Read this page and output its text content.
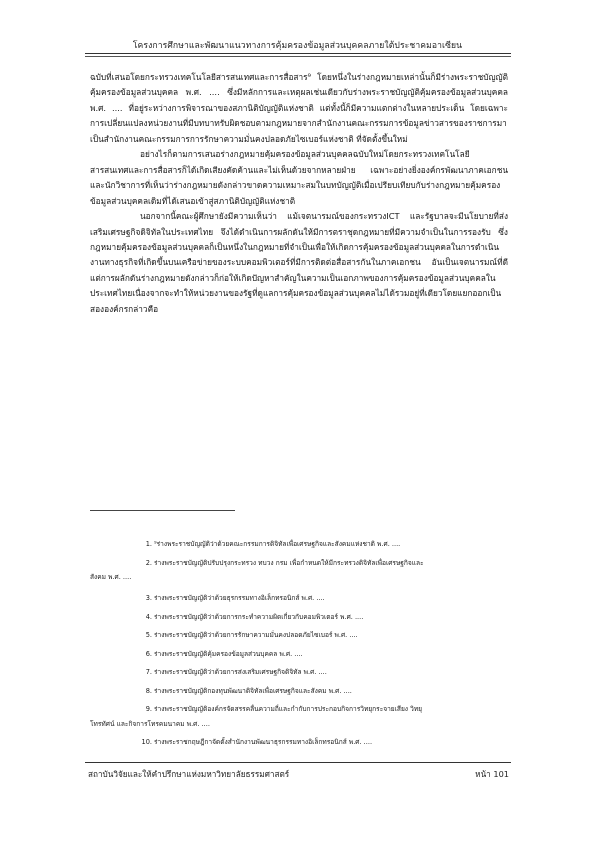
โครงการศึกษาและพัฒนาแนวทางการคุ้มครองข้อมูลส่วนบุคคลภายใต้ประชาคมอาเซียน

ฉบับที่เสนอโดยกระทรวงเทคโนโลยีสารสนเทศและการสื่อสาร⁹ โดยหนึ่งในร่างกฎหมายเหล่านั้นก็มีร่างพระราชบัญญัติคุ้มครองข้อมูลส่วนบุคคล พ.ศ. .... ซึ่งมีหลักการและเหตุผลเช่นเดียวกับร่างพระราชบัญญัติคุ้มครองข้อมูลส่วนบุคคล พ.ศ. .... ที่อยู่ระหว่างการพิจารณาของสภานิติบัญญัติแห่งชาติ แต่ทั้งนี้ก็มีความแตกต่างในหลายประเด็น โดยเฉพาะการเปลี่ยนแปลงหน่วยงานที่มีบทบาทรับผิดชอบตามกฎหมายจากสำนักงานคณะกรรมการข้อมูลข่าวสารของราชการมาเป็นสำนักงานคณะกรรมการการรักษาความมั่นคงปลอดภัยไซเบอร์แห่งชาติ ที่จัดตั้งขึ้นใหม่

อย่างไรก็ตามการเสนอร่างกฎหมายคุ้มครองข้อมูลส่วนบุคคลฉบับใหม่โดยกระทรวงเทคโนโลยีสารสนเทศและการสื่อสารก็ได้เกิดเสียงคัดค้านและไม่เห็นด้วยจากหลายฝ่าย เฉพาะอย่างยิ่งองค์กรพัฒนาภาคเอกชนและนักวิชาการที่เห็นว่าร่างกฎหมายดังกล่าวขาดความเหมาะสมในบทบัญญัติเมื่อเปรียบเทียบกับร่างกฎหมายคุ้มครองข้อมูลส่วนบุคคลเดิมที่ได้เสนอเข้าสู่สภานิติบัญญัติแห่งชาติ

นอกจากนี้คณะผู้ศึกษายังมีความเห็นว่า แม้เจตนารมณ์ของกระทรวงICT และรัฐบาลจะมีนโยบายที่ส่งเสริมเศรษฐกิจดิจิทัลในประเทศไทย จึงได้ดำเนินการผลักดันให้มีการตราชุดกฎหมายที่มีความจำเป็นในการรองรับ ซึ่งกฎหมายคุ้มครองข้อมูลส่วนบุคคลก็เป็นหนึ่งในกฎหมายที่จำเป็นเพื่อให้เกิดการคุ้มครองข้อมูลส่วนบุคคลในการดำเนินงานทางธุรกิจที่เกิดขึ้นบนเครือข่ายของระบบคอมพิวเตอร์ที่มีการติดต่อสื่อสารกันในภาคเอกชน อันเป็นเจตนารมณ์ที่ดี แต่การผลักดันร่างกฎหมายดังกล่าวก็ก่อให้เกิดปัญหาสำคัญในความเป็นเอกภาพของการคุ้มครองข้อมูลส่วนบุคคลในประเทศไทยเนื่องจากจะทำให้หน่วยงานของรัฐที่ดูแลการคุ้มครองข้อมูลส่วนบุคคลไม่ได้รวมอยู่ที่เดียวโดยแยกออกเป็นสององค์กรกล่าวคือ

1. ⁹ร่างพระราชบัญญัติว่าด้วยคณะกรรมการดิจิทัลเพื่อเศรษฐกิจและสังคมแห่งชาติ พ.ศ. ....
2. ร่างพระราชบัญญัติปรับปรุงกระทรวง ทบวง กรม เพื่อกำหนดให้มีกระทรวงดิจิทัลเพื่อเศรษฐกิจและ
สังคม พ.ศ. ....
3. ร่างพระราชบัญญัติว่าด้วยธุรกรรมทางอิเล็กทรอนิกส์ พ.ศ. ....
4. ร่างพระราชบัญญัติว่าด้วยการกระทำความผิดเกี่ยวกับคอมพิวเตอร์ พ.ศ. ....
5. ร่างพระราชบัญญัติว่าด้วยการรักษาความมั่นคงปลอดภัยไซเบอร์ พ.ศ. ....
6. ร่างพระราชบัญญัติคุ้มครองข้อมูลส่วนบุคคล พ.ศ. ....
7. ร่างพระราชบัญญัติว่าด้วยการส่งเสริมเศรษฐกิจดิจิทัล พ.ศ. ....
8. ร่างพระราชบัญญัติกองทุนพัฒนาดิจิทัลเพื่อเศรษฐกิจและสังคม พ.ศ. ....
9. ร่างพระราชบัญญัติองค์กรจัดสรรคลื่นความถี่และกำกับการประกอบกิจการวิทยุกระจายเสียง วิทยุ
โทรทัศน์ และกิจการโทรคมนาคม พ.ศ. ....
10. ร่างพระราชกฤษฎีกาจัดตั้งสำนักงานพัฒนาธุรกรรมทางอิเล็กทรอนิกส์ พ.ศ. ....
สถาบันวิจัยและให้คำปรึกษาแห่งมหาวิทยาลัยธรรมศาสตร์	หน้า 101
